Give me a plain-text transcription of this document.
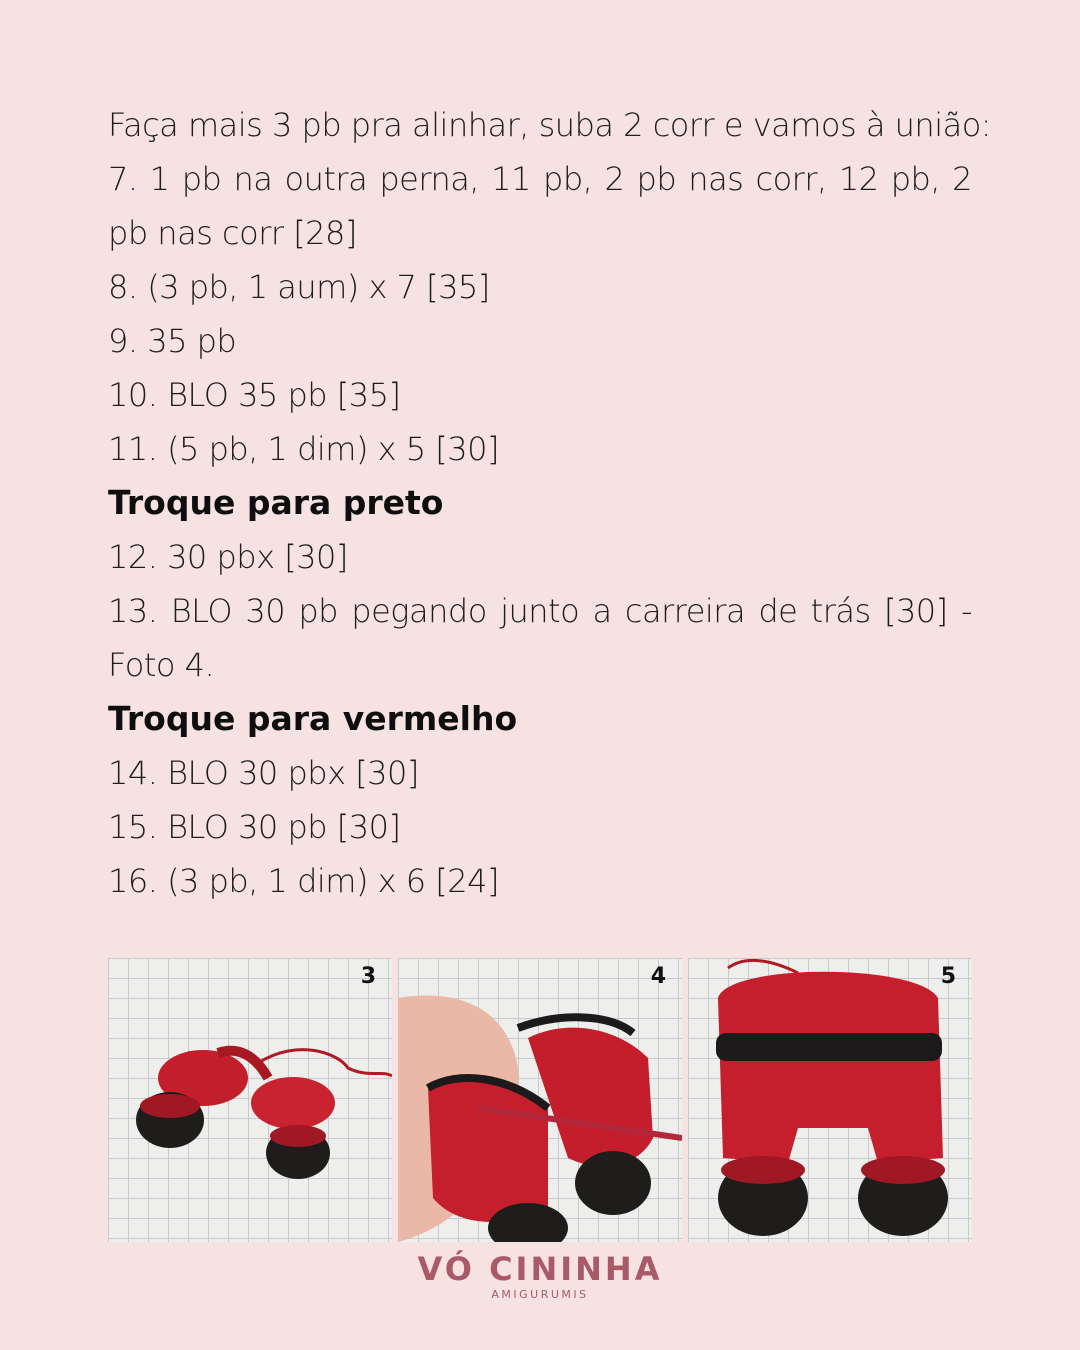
Faça mais 3 pb pra alinhar, suba 2 corr e vamos à união:
7. 1 pb na outra perna, 11 pb, 2 pb nas corr, 12 pb, 2 pb nas corr [28]
8. (3 pb, 1 aum) x 7 [35]
9. 35 pb
10. BLO 35 pb [35]
11. (5 pb, 1 dim) x 5 [30]
Troque para preto
12. 30 pbx [30]
13. BLO 30 pb pegando junto a carreira de trás [30] - Foto 4.
Troque para vermelho
14. BLO 30 pbx [30]
15. BLO 30 pb [30]
16. (3 pb, 1 dim) x 6 [24]
3	4	5
VÓ CININHA
AMIGURUMIS
